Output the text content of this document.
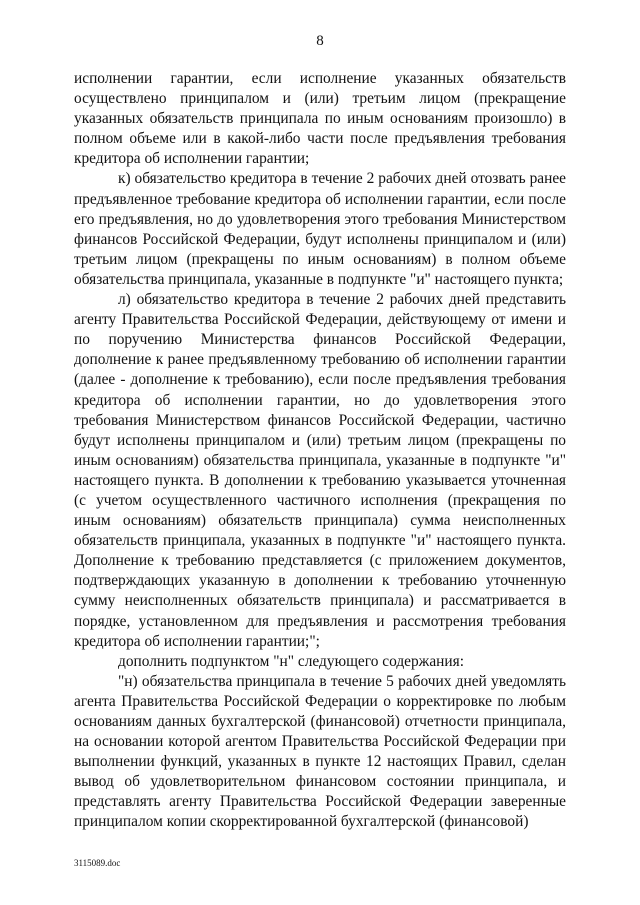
8

исполнении гарантии, если исполнение указанных обязательств осуществлено принципалом и (или) третьим лицом (прекращение указанных обязательств принципала по иным основаниям произошло) в полном объеме или в какой-либо части после предъявления требования кредитора об исполнении гарантии;

к) обязательство кредитора в течение 2 рабочих дней отозвать ранее предъявленное требование кредитора об исполнении гарантии, если после его предъявления, но до удовлетворения этого требования Министерством финансов Российской Федерации, будут исполнены принципалом и (или) третьим лицом (прекращены по иным основаниям) в полном объеме обязательства принципала, указанные в подпункте "и" настоящего пункта;

л) обязательство кредитора в течение 2 рабочих дней представить агенту Правительства Российской Федерации, действующему от имени и по поручению Министерства финансов Российской Федерации, дополнение к ранее предъявленному требованию об исполнении гарантии (далее - дополнение к требованию), если после предъявления требования кредитора об исполнении гарантии, но до удовлетворения этого требования Министерством финансов Российской Федерации, частично будут исполнены принципалом и (или) третьим лицом (прекращены по иным основаниям) обязательства принципала, указанные в подпункте "и" настоящего пункта. В дополнении к требованию указывается уточненная (с учетом осуществленного частичного исполнения (прекращения по иным основаниям) обязательств принципала) сумма неисполненных обязательств принципала, указанных в подпункте "и" настоящего пункта. Дополнение к требованию представляется (с приложением документов, подтверждающих указанную в дополнении к требованию уточненную сумму неисполненных обязательств принципала) и рассматривается в порядке, установленном для предъявления и рассмотрения требования кредитора об исполнении гарантии;";

дополнить подпунктом "н" следующего содержания:

"н) обязательства принципала в течение 5 рабочих дней уведомлять агента Правительства Российской Федерации о корректировке по любым основаниям данных бухгалтерской (финансовой) отчетности принципала, на основании которой агентом Правительства Российской Федерации при выполнении функций, указанных в пункте 12 настоящих Правил, сделан вывод об удовлетворительном финансовом состоянии принципала, и представлять агенту Правительства Российской Федерации заверенные принципалом копии скорректированной бухгалтерской (финансовой)

3115089.doc
